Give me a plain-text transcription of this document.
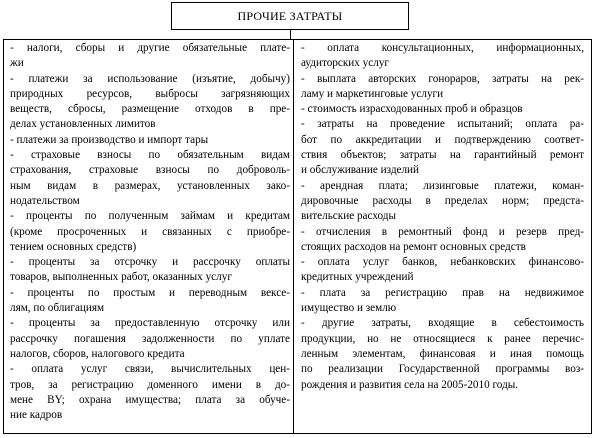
ПРОЧИЕ ЗАТРАТЫ
- налоги, сборы и другие обязательные плате-
жи
- платежи за использование (изъятие, добычу)
природных ресурсов, выбросы загрязняющих
веществ, сбросы, размещение отходов в пре-
делах установленных лимитов
- платежи за производство и импорт тары
- страховые взносы по обязательным видам
страхования, страховые взносы по доброволь-
ным видам в размерах, установленных зако-
нодательством
- проценты по полученным займам и кредитам
(кроме просроченных и связанных с приобре-
тением основных средств)
- проценты за отсрочку и рассрочку оплаты
товаров, выполненных работ, оказанных услуг
- проценты по простым и переводным вексе-
лям, по облигациям
- проценты за предоставленную отсрочку или
рассрочку погашения задолженности по уплате
налогов, сборов, налогового кредита
- оплата услуг связи, вычислительных цен-
тров, за регистрацию доменного имени в до-
мене BY; охрана имущества; плата за обуче-
ние кадров
- оплата консультационных, информационных,
аудиторских услуг
- выплата авторских гонораров, затраты на рек-
ламу и маркетинговые услуги
- стоимость израсходованных проб и образцов
- затраты на проведение испытаний; оплата ра-
бот по аккредитации и подтверждению соответ-
ствия объектов; затраты на гарантийный ремонт
и обслуживание изделий
- арендная плата; лизинговые платежи, коман-
дировочные расходы в пределах норм; предста-
вительские расходы
- отчисления в ремонтный фонд и резерв пред-
стоящих расходов на ремонт основных средств
- оплата услуг банков, небанковских финансово-
кредитных учреждений
- плата за регистрацию прав на недвижимое
имущество и землю
- другие затраты, входящие в себестоимость
продукции, но не относящиеся к ранее перечис-
ленным элементам, финансовая и иная помощь
по реализации Государственной программы воз-
рождения и развития села на 2005-2010 годы.
